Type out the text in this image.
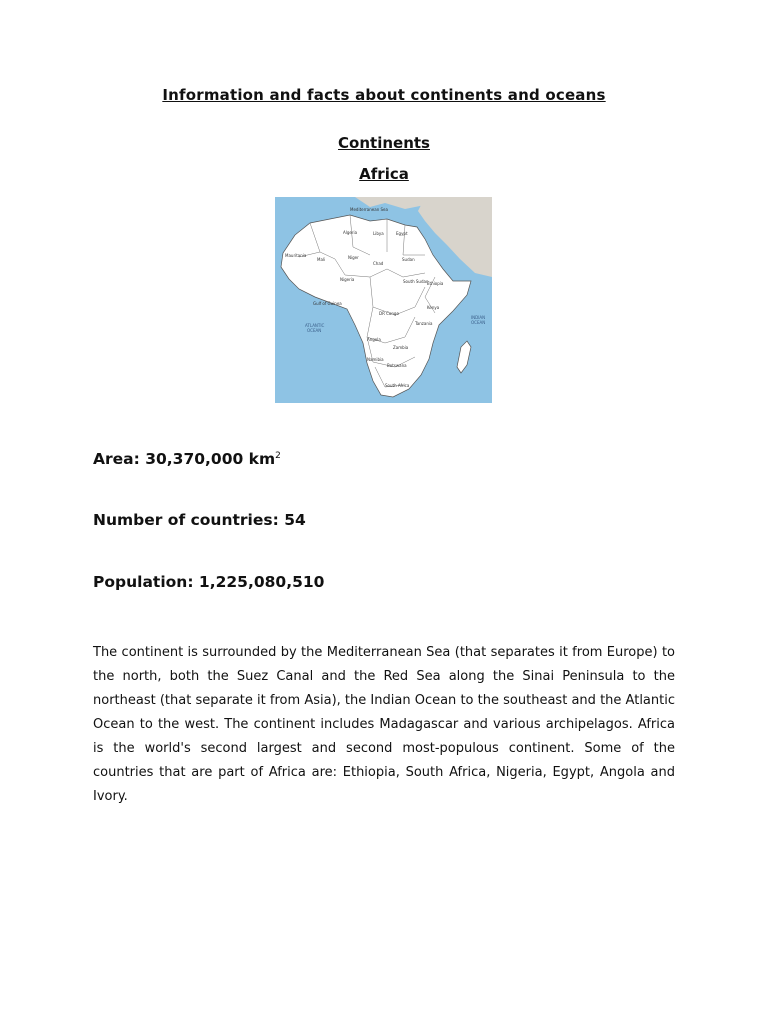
Information and facts about continents and oceans
Continents
Africa
Mediterranean Sea
Algeria	Libya	Egypt
Mauritania
Mali	Niger
Chad
Sudan
Nigeria	South Sudan
Ethiopia
Gulf of Guinea
ATLANTIC
OCEAN
DR Congo
Kenya
Tanzania
INDIAN
OCEAN
Angola
Zambia
Namibia
Botswana
South Africa
Area: 30,370,000 $km^2$
Number of countries: 54
Population: 1,225,080,510

The continent is surrounded by the Mediterranean Sea (that separates it from Europe) to the north, both the Suez Canal and the Red Sea along the Sinai Peninsula to the northeast (that separate it from Asia), the Indian Ocean to the southeast and the Atlantic Ocean to the west. The continent includes Madagascar and various archipelagos. Africa is the world's second largest and second most-populous continent. Some of the countries that are part of Africa are: Ethiopia, South Africa, Nigeria, Egypt, Angola and Ivory.
